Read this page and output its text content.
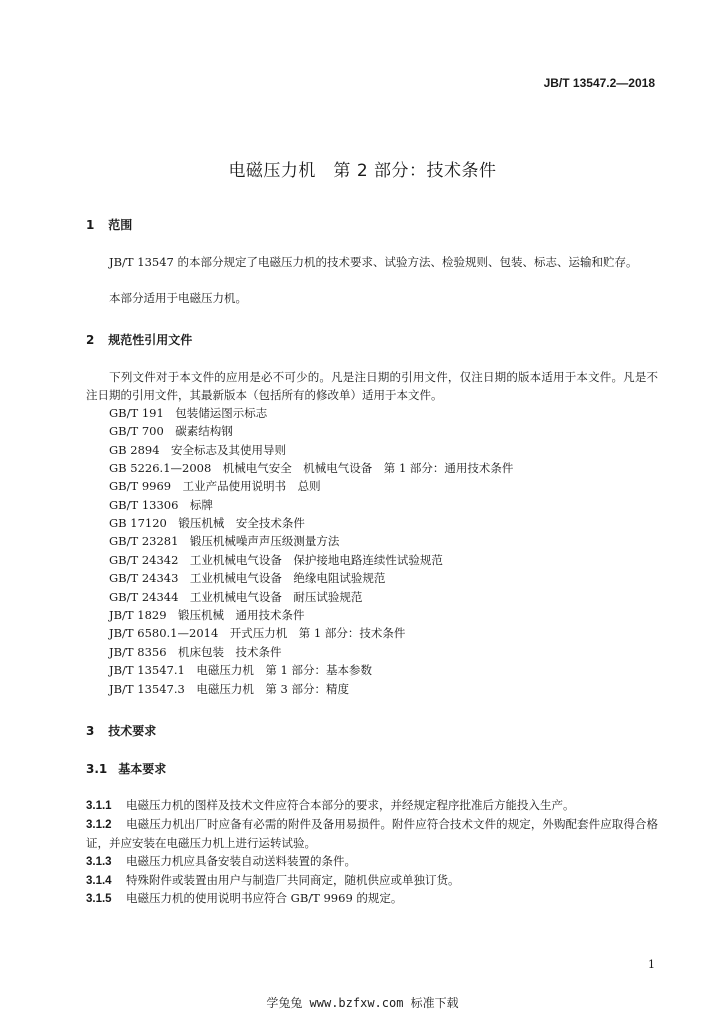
JB/T 13547.2—2018
电磁压力机　第 2 部分：技术条件
1 范围
JB/T 13547 的本部分规定了电磁压力机的技术要求、试验方法、检验规则、包装、标志、运输和贮存。
本部分适用于电磁压力机。
2 规范性引用文件
下列文件对于本文件的应用是必不可少的。凡是注日期的引用文件，仅注日期的版本适用于本文件。凡是不注日期的引用文件，其最新版本（包括所有的修改单）适用于本文件。
GB/T 191　包装储运图示标志
GB/T 700　碳素结构钢
GB 2894　安全标志及其使用导则
GB 5226.1—2008　机械电气安全　机械电气设备　第 1 部分：通用技术条件
GB/T 9969　工业产品使用说明书　总则
GB/T 13306　标牌
GB 17120　锻压机械　安全技术条件
GB/T 23281　锻压机械噪声声压级测量方法
GB/T 24342　工业机械电气设备　保护接地电路连续性试验规范
GB/T 24343　工业机械电气设备　绝缘电阻试验规范
GB/T 24344　工业机械电气设备　耐压试验规范
JB/T 1829　锻压机械　通用技术条件
JB/T 6580.1—2014　开式压力机　第 1 部分：技术条件
JB/T 8356　机床包装　技术条件
JB/T 13547.1　电磁压力机　第 1 部分：基本参数
JB/T 13547.3　电磁压力机　第 3 部分：精度
3 技术要求
3.1 基本要求
3.1.1 电磁压力机的图样及技术文件应符合本部分的要求，并经规定程序批准后方能投入生产。
3.1.2 电磁压力机出厂时应备有必需的附件及备用易损件。附件应符合技术文件的规定，外购配套件应取得合格证，并应安装在电磁压力机上进行运转试验。
3.1.3 电磁压力机应具备安装自动送料装置的条件。
3.1.4 特殊附件或装置由用户与制造厂共同商定，随机供应或单独订货。
3.1.5 电磁压力机的使用说明书应符合 GB/T 9969 的规定。
1
学兔兔 www.bzfxw.com 标准下载
